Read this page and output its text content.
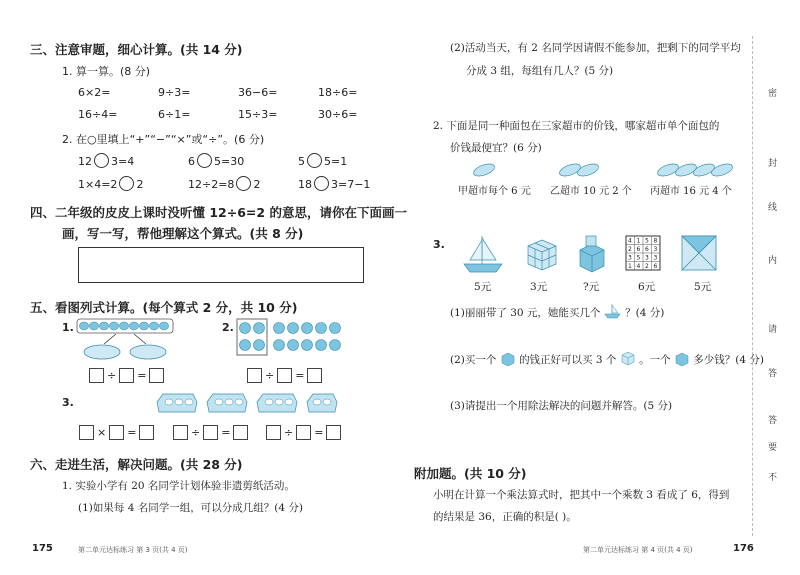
三、注意审题，细心计算。(共 14 分)
1. 算一算。(8 分)
6×2=	9÷3=	36−6=	18÷6=
16÷4=	6÷1=	15÷3=	30÷6=
2. 在○里填上“+”“−”“×”或“÷”。(6 分)
12 3=4	6 5=30	5 5=1
1×4=2 2	12÷2=8 2	18 3=7−1
四、二年级的皮皮上课时没听懂 12÷6=2 的意思，请你在下面画一
画，写一写，帮他理解这个算式。(共 8 分)
五、看图列式计算。(每个算式 2 分，共 10 分)
1.
÷ =
2.
÷ =
3.
× =	÷ =	÷ =
六、走进生活，解决问题。(共 28 分)
1. 实验小学有 20 名同学计划体验非遗剪纸活动。
(1)如果每 4 名同学一组，可以分成几组？(4 分)
175	第二单元达标练习 第 3 页(共 4 页)
(2)活动当天，有 2 名同学因请假不能参加，把剩下的同学平均
分成 3 组，每组有几人？(5 分)
2. 下面是同一种面包在三家超市的价钱，哪家超市单个面包的
价钱最便宜？(6 分)
甲超市每个 6 元 乙超市 10 元 2 个 丙超市 16 元 4 个
3.	4 1 5 8
2 6 6 3
3 5 3 3
1 4 2 6
5元	3元	?元	6元	5元
(1)丽丽带了 30 元，她能买几个 ？(4 分)
(2)买一个 的钱正好可以买 3 个 。一个 多少钱？(4 分)
(3)请提出一个用除法解决的问题并解答。(5 分)
附加题。(共 10 分)
小明在计算一个乘法算式时，把其中一个乘数 3 看成了 6，得到
的结果是 36，正确的积是( )。
第二单元达标练习 第 4 页(共 4 页)	176
密
封
线
内
请
答
答
要
不
